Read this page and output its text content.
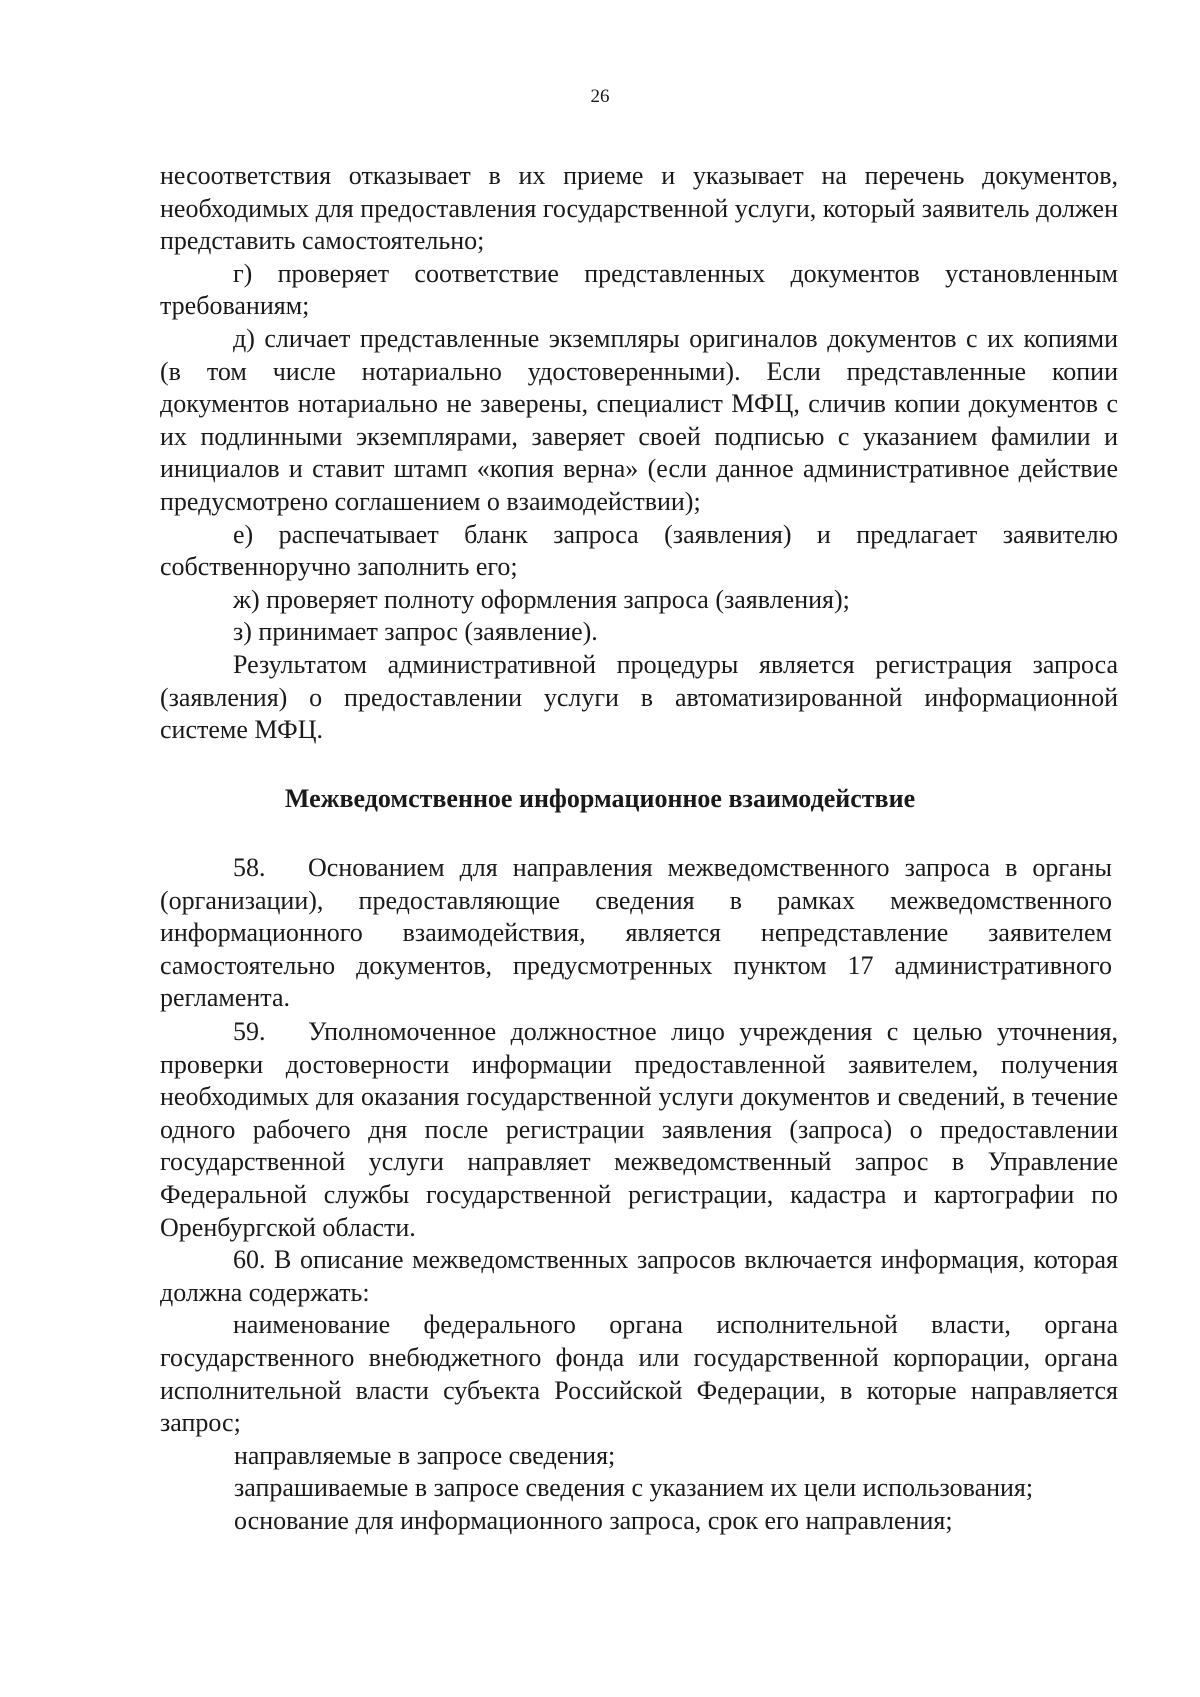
26

несоответствия отказывает в их приеме и указывает на перечень документов, необходимых для предоставления государственной услуги, который заявитель должен представить самостоятельно;

г) проверяет соответствие представленных документов установленным требованиям;

д) сличает представленные экземпляры оригиналов документов с их копиями (в том числе нотариально удостоверенными). Если представленные копии документов нотариально не заверены, специалист МФЦ, сличив копии документов с их подлинными экземплярами, заверяет своей подписью с указанием фамилии и инициалов и ставит штамп «копия верна» (если данное административное действие предусмотрено соглашением о взаимодействии);

е) распечатывает бланк запроса (заявления) и предлагает заявителю собственноручно заполнить его;

ж) проверяет полноту оформления запроса (заявления);

з) принимает запрос (заявление).

Результатом административной процедуры является регистрация запроса (заявления) о предоставлении услуги в автоматизированной информационной системе МФЦ.

Межведомственное информационное взаимодействие

58. Основанием для направления межведомственного запроса в органы (организации), предоставляющие сведения в рамках межведомственного информационного взаимодействия, является непредставление заявителем самостоятельно документов, предусмотренных пунктом 17 административного регламента.

59. Уполномоченное должностное лицо учреждения с целью уточнения, проверки достоверности информации предоставленной заявителем, получения необходимых для оказания государственной услуги документов и сведений, в течение одного рабочего дня после регистрации заявления (запроса) о предоставлении государственной услуги направляет межведомственный запрос в Управление Федеральной службы государственной регистрации, кадастра и картографии по Оренбургской области.

60. В описание межведомственных запросов включается информация, которая должна содержать:

наименование федерального органа исполнительной власти, органа государственного внебюджетного фонда или государственной корпорации, органа исполнительной власти субъекта Российской Федерации, в которые направляется запрос;

направляемые в запросе сведения;

запрашиваемые в запросе сведения с указанием их цели использования;

основание для информационного запроса, срок его направления;
